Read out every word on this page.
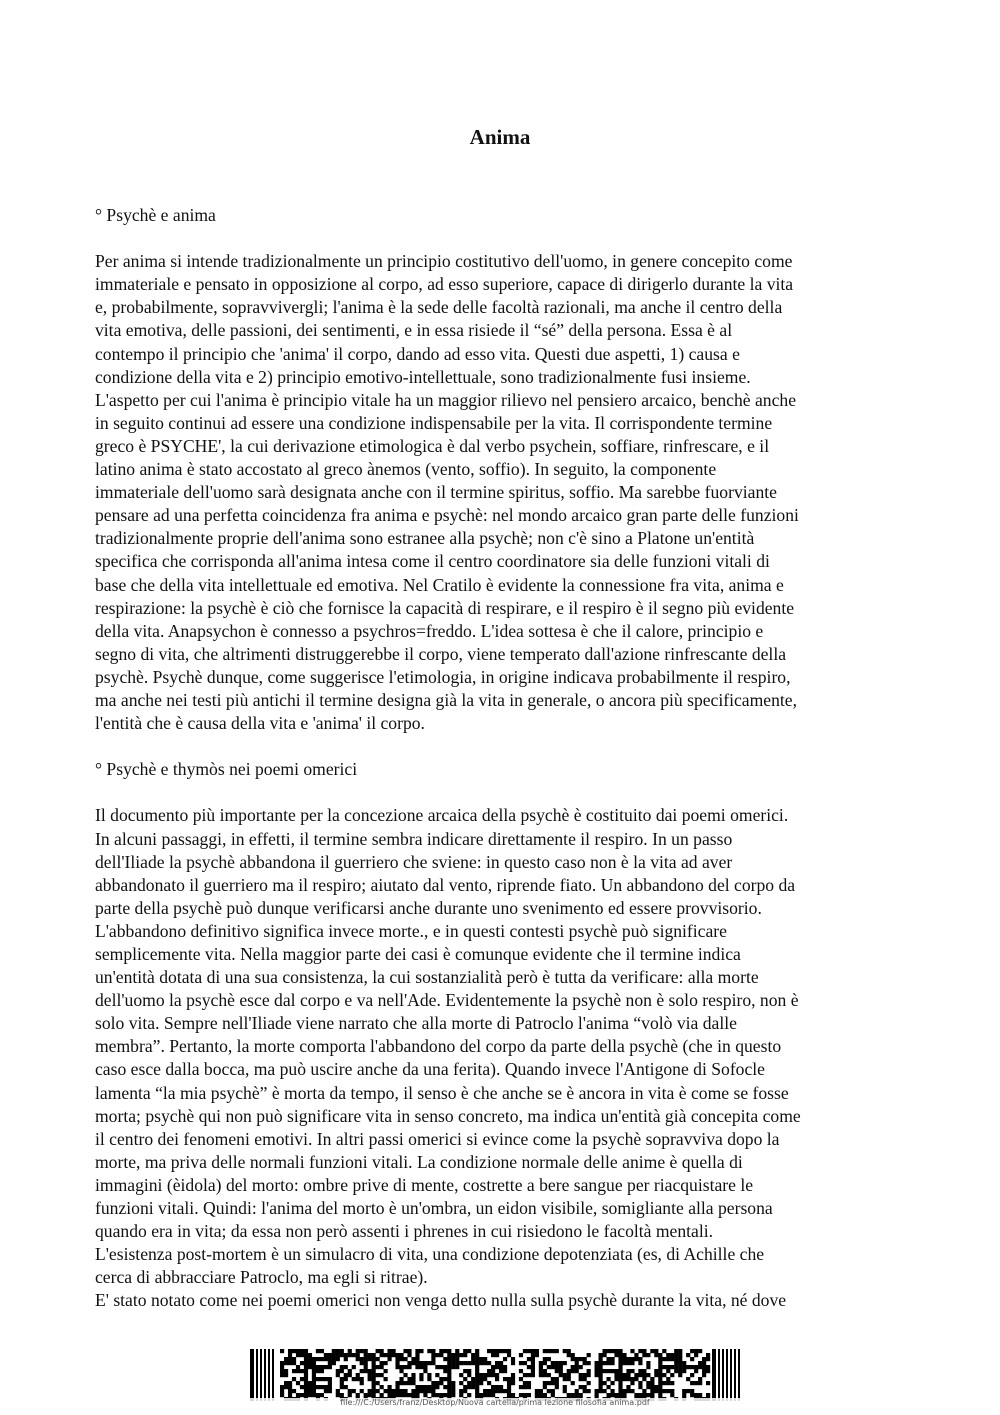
Anima
° Psychè e anima
Per anima si intende tradizionalmente un principio costitutivo dell'uomo, in genere concepito come
immateriale e pensato in opposizione al corpo, ad esso superiore, capace di dirigerlo durante la vita
e, probabilmente, sopravvivergli; l'anima è la sede delle facoltà razionali, ma anche il centro della
vita emotiva, delle passioni, dei sentimenti, e in essa risiede il “sé” della persona. Essa è al
contempo il principio che 'anima' il corpo, dando ad esso vita. Questi due aspetti, 1) causa e
condizione della vita e 2) principio emotivo-intellettuale, sono tradizionalmente fusi insieme.
L'aspetto per cui l'anima è principio vitale ha un maggior rilievo nel pensiero arcaico, benchè anche
in seguito continui ad essere una condizione indispensabile per la vita. Il corrispondente termine
greco è PSYCHE', la cui derivazione etimologica è dal verbo psychein, soffiare, rinfrescare, e il
latino anima è stato accostato al greco ànemos (vento, soffio). In seguito, la componente
immateriale dell'uomo sarà designata anche con il termine spiritus, soffio. Ma sarebbe fuorviante
pensare ad una perfetta coincidenza fra anima e psychè: nel mondo arcaico gran parte delle funzioni
tradizionalmente proprie dell'anima sono estranee alla psychè; non c'è sino a Platone un'entità
specifica che corrisponda all'anima intesa come il centro coordinatore sia delle funzioni vitali di
base che della vita intellettuale ed emotiva. Nel Cratilo è evidente la connessione fra vita, anima e
respirazione: la psychè è ciò che fornisce la capacità di respirare, e il respiro è il segno più evidente
della vita. Anapsychon è connesso a psychros=freddo. L'idea sottesa è che il calore, principio e
segno di vita, che altrimenti distruggerebbe il corpo, viene temperato dall'azione rinfrescante della
psychè. Psychè dunque, come suggerisce l'etimologia, in origine indicava probabilmente il respiro,
ma anche nei testi più antichi il termine designa già la vita in generale, o ancora più specificamente,
l'entità che è causa della vita e 'anima' il corpo.
° Psychè e thymòs nei poemi omerici
Il documento più importante per la concezione arcaica della psychè è costituito dai poemi omerici.
In alcuni passaggi, in effetti, il termine sembra indicare direttamente il respiro. In un passo
dell'Iliade la psychè abbandona il guerriero che sviene: in questo caso non è la vita ad aver
abbandonato il guerriero ma il respiro; aiutato dal vento, riprende fiato. Un abbandono del corpo da
parte della psychè può dunque verificarsi anche durante uno svenimento ed essere provvisorio.
L'abbandono definitivo significa invece morte., e in questi contesti psychè può significare
semplicemente vita. Nella maggior parte dei casi è comunque evidente che il termine indica
un'entità dotata di una sua consistenza, la cui sostanzialità però è tutta da verificare: alla morte
dell'uomo la psychè esce dal corpo e va nell'Ade. Evidentemente la psychè non è solo respiro, non è
solo vita. Sempre nell'Iliade viene narrato che alla morte di Patroclo l'anima “volò via dalle
membra”. Pertanto, la morte comporta l'abbandono del corpo da parte della psychè (che in questo
caso esce dalla bocca, ma può uscire anche da una ferita). Quando invece l'Antigone di Sofocle
lamenta “la mia psychè” è morta da tempo, il senso è che anche se è ancora in vita è come se fosse
morta; psychè qui non può significare vita in senso concreto, ma indica un'entità già concepita come
il centro dei fenomeni emotivi. In altri passi omerici si evince come la psychè sopravviva dopo la
morte, ma priva delle normali funzioni vitali. La condizione normale delle anime è quella di
immagini (èidola) del morto: ombre prive di mente, costrette a bere sangue per riacquistare le
funzioni vitali. Quindi: l'anima del morto è un'ombra, un eidon visibile, somigliante alla persona
quando era in vita; da essa non però assenti i phrenes in cui risiedono le facoltà mentali.
L'esistenza post-mortem è un simulacro di vita, una condizione depotenziata (es, di Achille che
cerca di abbracciare Patroclo, ma egli si ritrae).
E' stato notato come nei poemi omerici non venga detto nulla sulla psychè durante la vita, né dove
file:///C:/Users/franz/Desktop/Nuova cartella/prima lezione filosofia anima.pdf
